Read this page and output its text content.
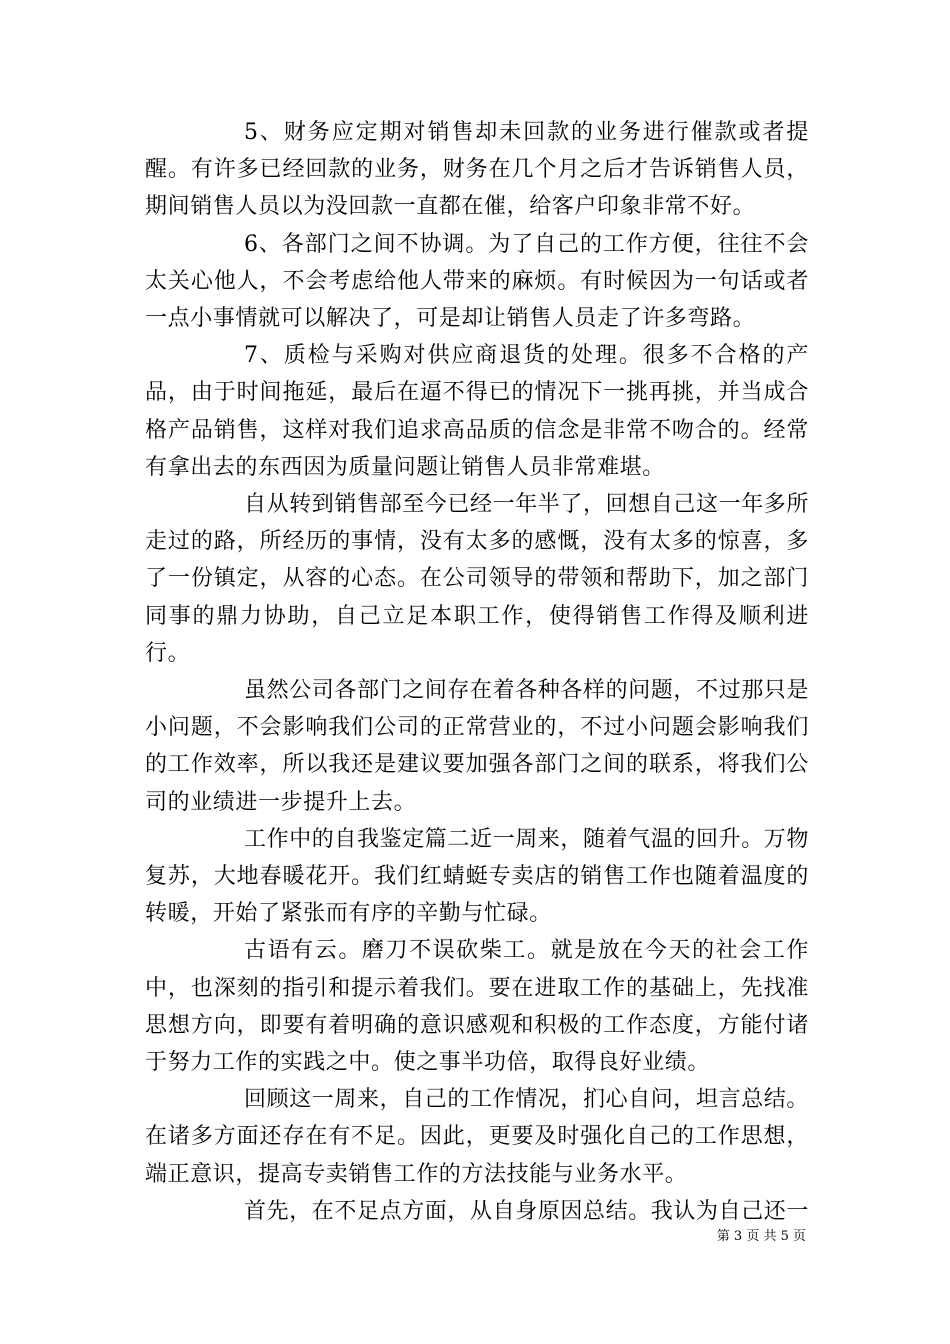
5、财务应定期对销售却未回款的业务进行催款或者提醒。有许多已经回款的业务，财务在几个月之后才告诉销售人员，期间销售人员以为没回款一直都在催，给客户印象非常不好。

6、各部门之间不协调。为了自己的工作方便，往往不会太关心他人，不会考虑给他人带来的麻烦。有时候因为一句话或者一点小事情就可以解决了，可是却让销售人员走了许多弯路。

7、质检与采购对供应商退货的处理。很多不合格的产品，由于时间拖延，最后在逼不得已的情况下一挑再挑，并当成合格产品销售，这样对我们追求高品质的信念是非常不吻合的。经常有拿出去的东西因为质量问题让销售人员非常难堪。

自从转到销售部至今已经一年半了，回想自己这一年多所走过的路，所经历的事情，没有太多的感慨，没有太多的惊喜，多了一份镇定，从容的心态。在公司领导的带领和帮助下，加之部门同事的鼎力协助，自己立足本职工作，使得销售工作得及顺利进行。

虽然公司各部门之间存在着各种各样的问题，不过那只是小问题，不会影响我们公司的正常营业的，不过小问题会影响我们的工作效率，所以我还是建议要加强各部门之间的联系，将我们公司的业绩进一步提升上去。

工作中的自我鉴定篇二近一周来，随着气温的回升。万物复苏，大地春暖花开。我们红蜻蜓专卖店的销售工作也随着温度的转暖，开始了紧张而有序的辛勤与忙碌。

古语有云。磨刀不误砍柴工。就是放在今天的社会工作中，也深刻的指引和提示着我们。要在进取工作的基础上，先找准思想方向，即要有着明确的意识感观和积极的工作态度，方能付诸于努力工作的实践之中。使之事半功倍，取得良好业绩。

回顾这一周来，自己的工作情况，扪心自问，坦言总结。在诸多方面还存在有不足。因此，更要及时强化自己的工作思想，端正意识，提高专卖销售工作的方法技能与业务水平。

首先，在不足点方面，从自身原因总结。我认为自己还一

第 3 页 共 5 页
